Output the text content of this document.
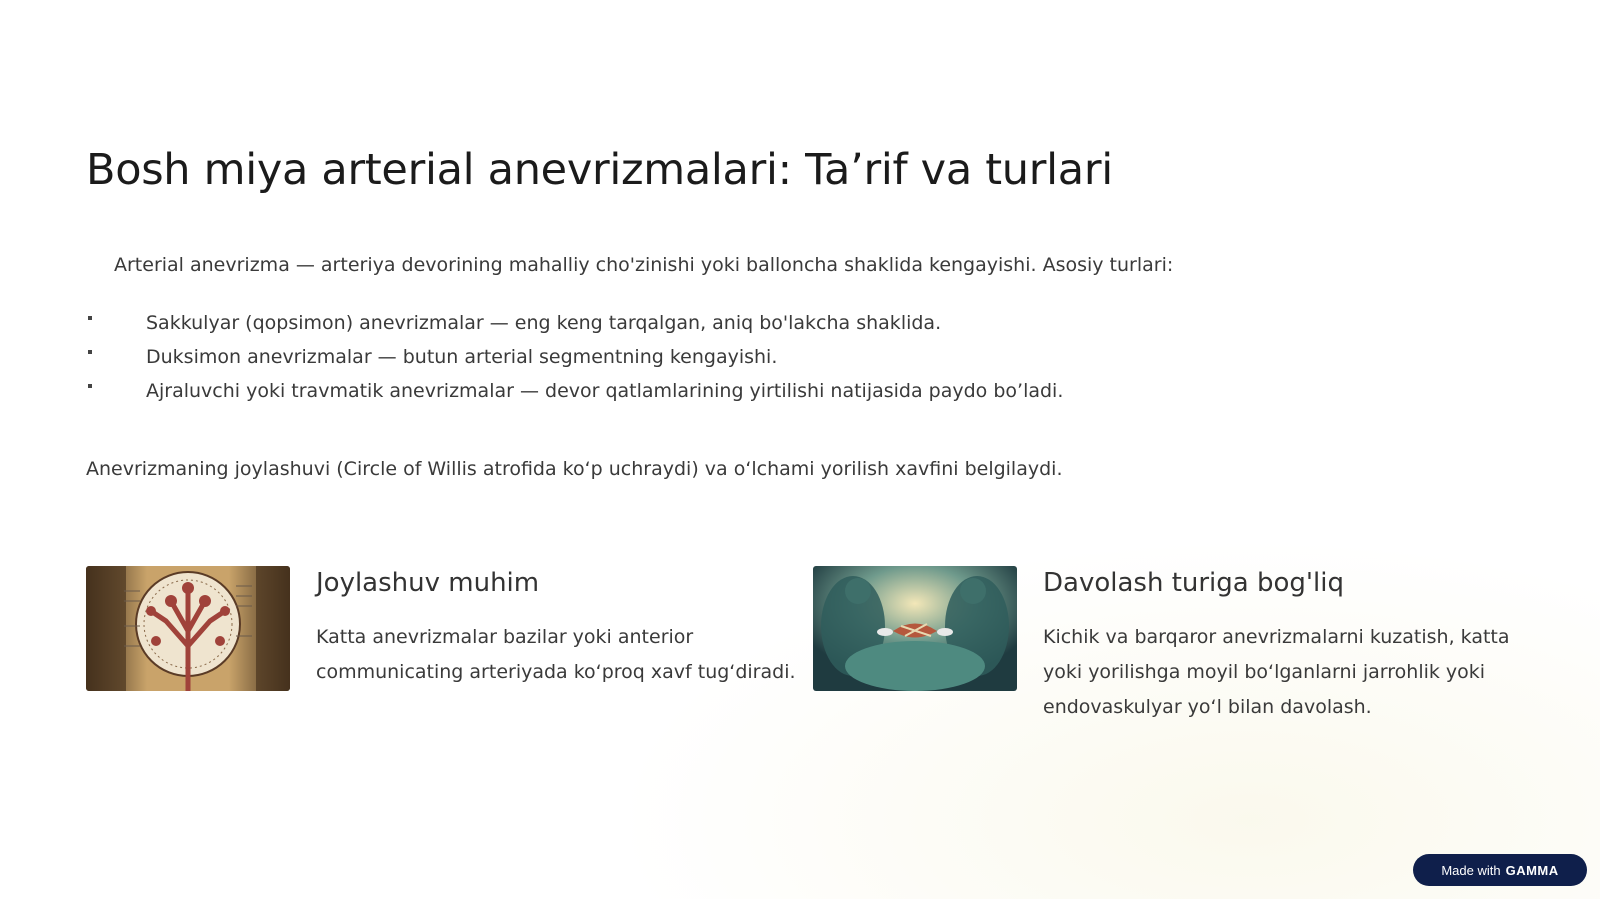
Bosh miya arterial anevrizmalari: Ta’rif va turlari

Arterial anevrizma — arteriya devorining mahalliy cho'zinishi yoki balloncha shaklida kengayishi. Asosiy turlari:

Sakkulyar (qopsimon) anevrizmalar — eng keng tarqalgan, aniq bo'lakcha shaklida.
Duksimon anevrizmalar — butun arterial segmentning kengayishi.
Ajraluvchi yoki travmatik anevrizmalar — devor qatlamlarining yirtilishi natijasida paydo bo’ladi.

Anevrizmaning joylashuvi (Circle of Willis atrofida ko‘p uchraydi) va o‘lchami yorilish xavfini belgilaydi.

Joylashuv muhim

Katta anevrizmalar bazilar yoki anterior communicating arteriyada ko‘proq xavf tug‘diradi.

Davolash turiga bog'liq

Kichik va barqaror anevrizmalarni kuzatish, katta yoki yorilishga moyil bo‘lganlarni jarrohlik yoki endovaskulyar yo‘l bilan davolash.

Made with GAMMA
